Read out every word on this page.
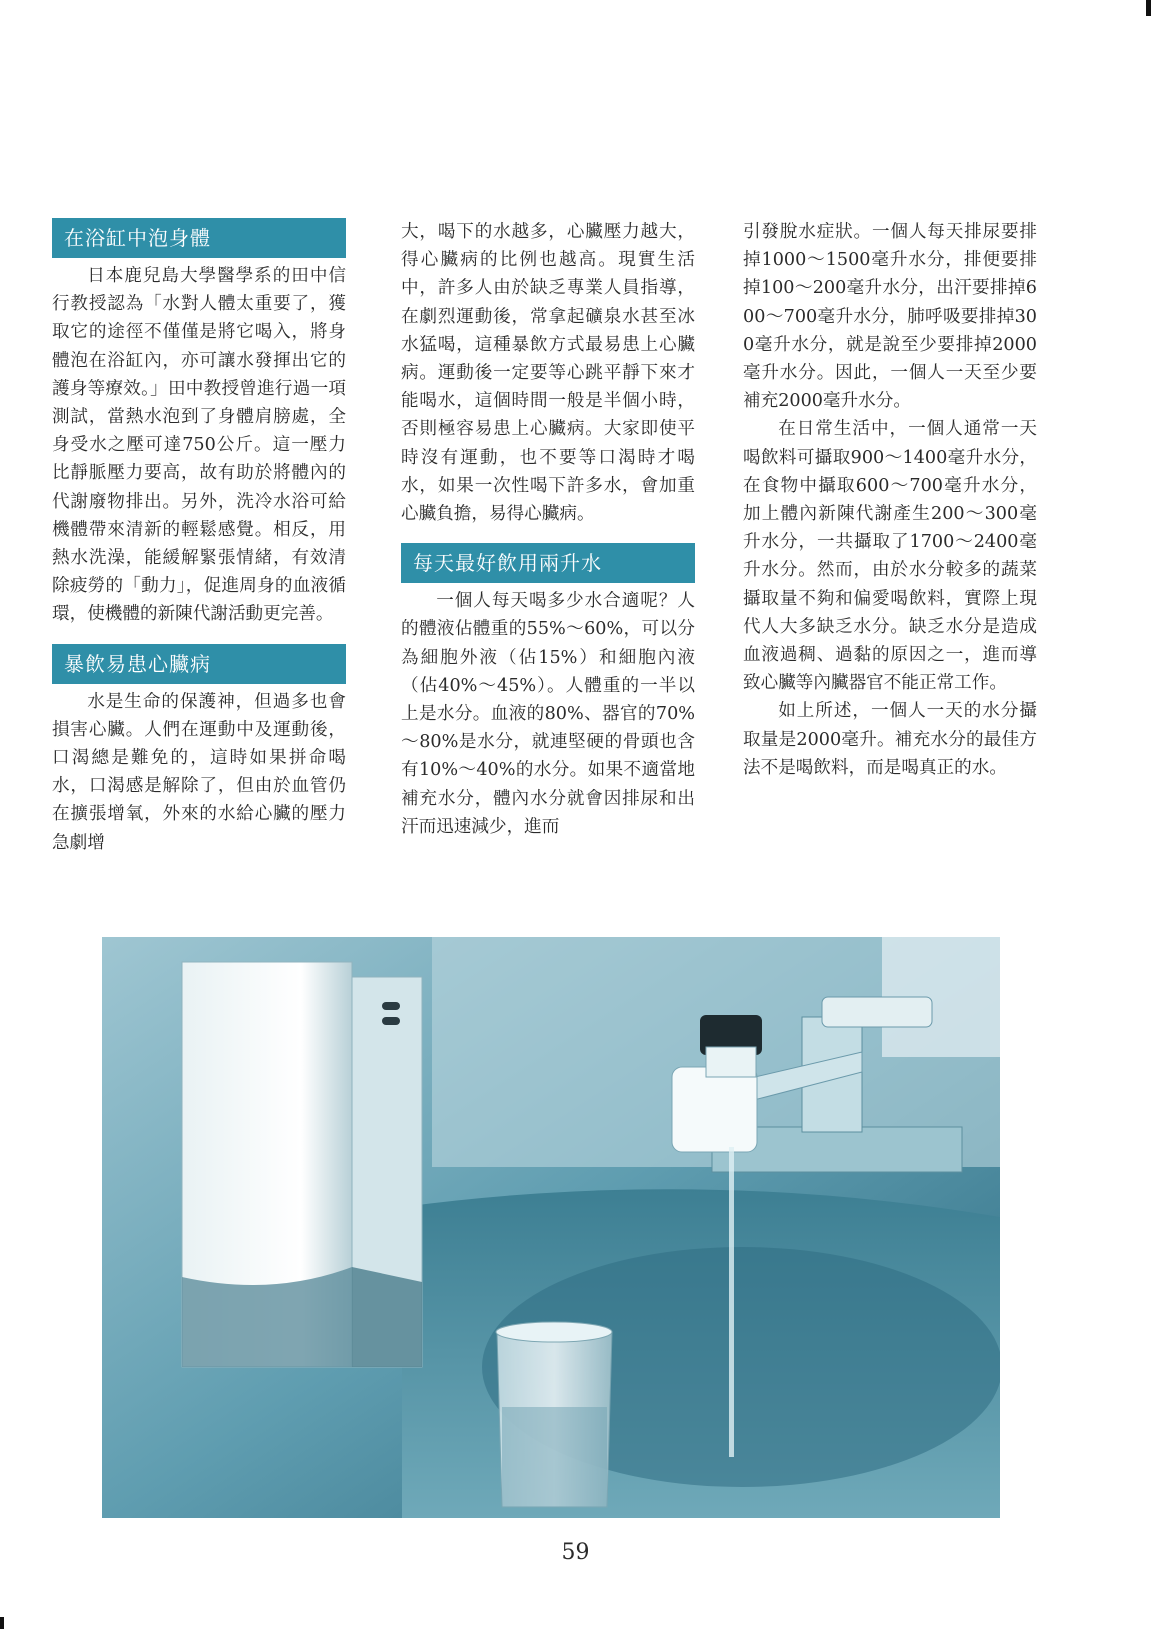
在浴缸中泡身體

日本鹿兒島大學醫學系的田中信行教授認為「水對人體太重要了，獲取它的途徑不僅僅是將它喝入，將身體泡在浴缸內，亦可讓水發揮出它的護身等療效。」田中教授曾進行過一項測試，當熱水泡到了身體肩膀處，全身受水之壓可達750公斤。這一壓力比靜脈壓力要高，故有助於將體內的代謝廢物排出。另外，洗冷水浴可給機體帶來清新的輕鬆感覺。相反，用熱水洗澡，能緩解緊張情緒，有效清除疲勞的「動力」，促進周身的血液循環，使機體的新陳代謝活動更完善。

暴飲易患心臟病

水是生命的保護神，但過多也會損害心臟。人們在運動中及運動後，口渴總是難免的，這時如果拼命喝水，口渴感是解除了，但由於血管仍在擴張增氧，外來的水給心臟的壓力急劇增

大，喝下的水越多，心臟壓力越大，得心臟病的比例也越高。現實生活中，許多人由於缺乏專業人員指導，在劇烈運動後，常拿起礦泉水甚至冰水猛喝，這種暴飲方式最易患上心臟病。運動後一定要等心跳平靜下來才能喝水，這個時間一般是半個小時，否則極容易患上心臟病。大家即使平時沒有運動，也不要等口渴時才喝水，如果一次性喝下許多水，會加重心臟負擔，易得心臟病。

每天最好飲用兩升水

一個人每天喝多少水合適呢？人的體液佔體重的55%～60%，可以分為細胞外液（佔15%）和細胞內液（佔40%～45%）。人體重的一半以上是水分。血液的80%、器官的70%～80%是水分，就連堅硬的骨頭也含有10%～40%的水分。如果不適當地補充水分，體內水分就會因排尿和出汗而迅速減少，進而

引發脫水症狀。一個人每天排尿要排掉1000～1500毫升水分，排便要排掉100～200毫升水分，出汗要排掉600～700毫升水分，肺呼吸要排掉300毫升水分，就是說至少要排掉2000毫升水分。因此，一個人一天至少要補充2000毫升水分。

在日常生活中，一個人通常一天喝飲料可攝取900～1400毫升水分，在食物中攝取600～700毫升水分，加上體內新陳代謝產生200～300毫升水分，一共攝取了1700～2400毫升水分。然而，由於水分較多的蔬菜攝取量不夠和偏愛喝飲料，實際上現代人大多缺乏水分。缺乏水分是造成血液過稠、過黏的原因之一，進而導致心臟等內臟器官不能正常工作。

如上所述，一個人一天的水分攝取量是2000毫升。補充水分的最佳方法不是喝飲料，而是喝真正的水。

59
